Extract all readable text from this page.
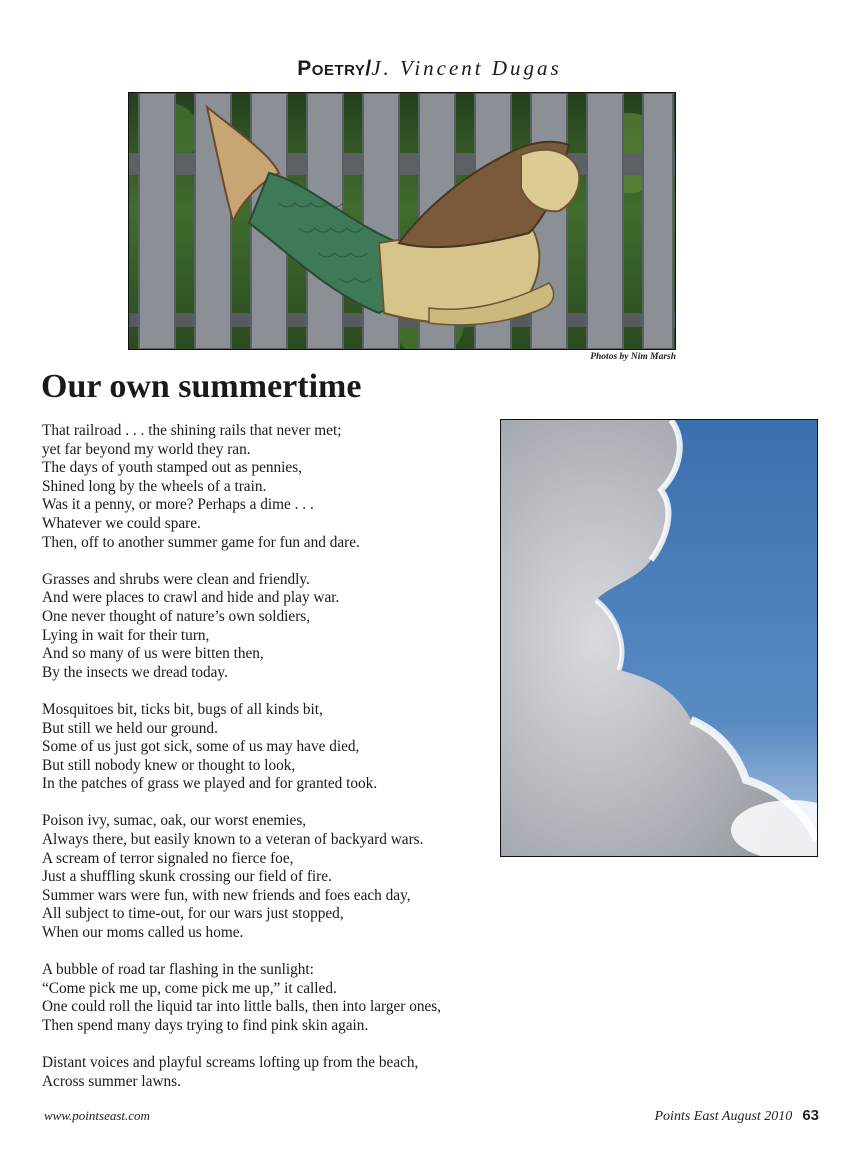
Poetry/J. Vincent Dugas
Photos by Nim Marsh
Our own summertime
That railroad . . . the shining rails that never met;
yet far beyond my world they ran.
The days of youth stamped out as pennies,
Shined long by the wheels of a train.
Was it a penny, or more? Perhaps a dime . . .
Whatever we could spare.
Then, off to another summer game for fun and dare.
Grasses and shrubs were clean and friendly.
And were places to crawl and hide and play war.
One never thought of nature’s own soldiers,
Lying in wait for their turn,
And so many of us were bitten then,
By the insects we dread today.
Mosquitoes bit, ticks bit, bugs of all kinds bit,
But still we held our ground.
Some of us just got sick, some of us may have died,
But still nobody knew or thought to look,
In the patches of grass we played and for granted took.
Poison ivy, sumac, oak, our worst enemies,
Always there, but easily known to a veteran of backyard wars.
A scream of terror signaled no fierce foe,
Just a shuffling skunk crossing our field of fire.
Summer wars were fun, with new friends and foes each day,
All subject to time-out, for our wars just stopped,
When our moms called us home.
A bubble of road tar flashing in the sunlight:
“Come pick me up, come pick me up,” it called.
One could roll the liquid tar into little balls, then into larger ones,
Then spend many days trying to find pink skin again.
Distant voices and playful screams lofting up from the beach,
Across summer lawns.
www.pointseast.com	Points East August 2010 63
